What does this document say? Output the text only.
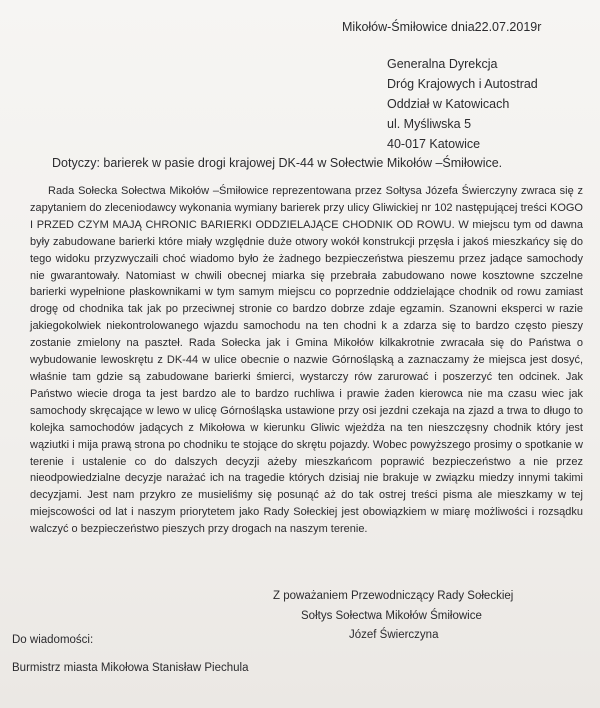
Mikołów-Śmiłowice dnia22.07.2019r
Generalna Dyrekcja
Dróg Krajowych i Autostrad
Oddział w Katowicach
ul. Myśliwska 5
40-017 Katowice
Dotyczy: barierek w pasie drogi krajowej DK-44 w Sołectwie Mikołów –Śmiłowice.

Rada Sołecka Sołectwa Mikołów –Śmiłowice reprezentowana przez Sołtysa Józefa Świerczyny zwraca się z zapytaniem do zleceniodawcy wykonania wymiany barierek przy ulicy Gliwickiej nr 102 następującej treści KOGO I PRZED CZYM MAJĄ CHRONIC BARIERKI ODDZIELAJĄCE CHODNIK OD ROWU. W miejscu tym od dawna były zabudowane barierki które miały względnie duże otwory wokół konstrukcji przęsła i jakoś mieszkańcy się do tego widoku przyzwyczaili choć wiadomo było że żadnego bezpieczeństwa pieszemu przez jadące samochody nie gwarantowały. Natomiast w chwili obecnej miarka się przebrała zabudowano nowe kosztowne szczelne barierki wypełnione płaskownikami w tym samym miejscu co poprzednie oddzielające chodnik od rowu zamiast drogę od chodnika tak jak po przeciwnej stronie co bardzo dobrze zdaje egzamin. Szanowni eksperci w razie jakiegokolwiek niekontrolowanego wjazdu samochodu na ten chodni k a zdarza się to bardzo często pieszy zostanie zmielony na paszteł. Rada Sołecka jak i Gmina Mikołów kilkakrotnie zwracała się do Państwa o wybudowanie lewoskrętu z DK-44 w ulice obecnie o nazwie Górnośląską a zaznaczamy że miejsca jest dosyć, właśnie tam gdzie są zabudowane barierki śmierci, wystarczy rów zarurować i poszerzyć ten odcinek. Jak Państwo wiecie droga ta jest bardzo ale to bardzo ruchliwa i prawie żaden kierowca nie ma czasu wiec jak samochody skręcające w lewo w ulicę Górnośląska ustawione przy osi jezdni czekaja na zjazd a trwa to długo to kolejka samochodów jadących z Mikołowa w kierunku Gliwic wjeżdża na ten nieszczęsny chodnik który jest wąziutki i mija prawą strona po chodniku te stojące do skrętu pojazdy. Wobec powyższego prosimy o spotkanie w terenie i ustalenie co do dalszych decyzji ażeby mieszkańcom poprawić bezpieczeństwo a nie przez nieodpowiedzialne decyzje narażać ich na tragedie których dzisiaj nie brakuje w związku miedzy innymi takimi decyzjami. Jest nam przykro ze musieliśmy się posunąć aż do tak ostrej treści pisma ale mieszkamy w tej miejscowości od lat i naszym priorytetem jako Rady Sołeckiej jest obowiązkiem w miarę możliwości i rozsądku walczyć o bezpieczeństwo pieszych przy drogach na naszym terenie.

Z poważaniem Przewodniczący Rady Sołeckiej
Sołtys Sołectwa Mikołów Śmiłowice
Józef Świerczyna
Do wiadomości:
Burmistrz miasta Mikołowa Stanisław Piechula
